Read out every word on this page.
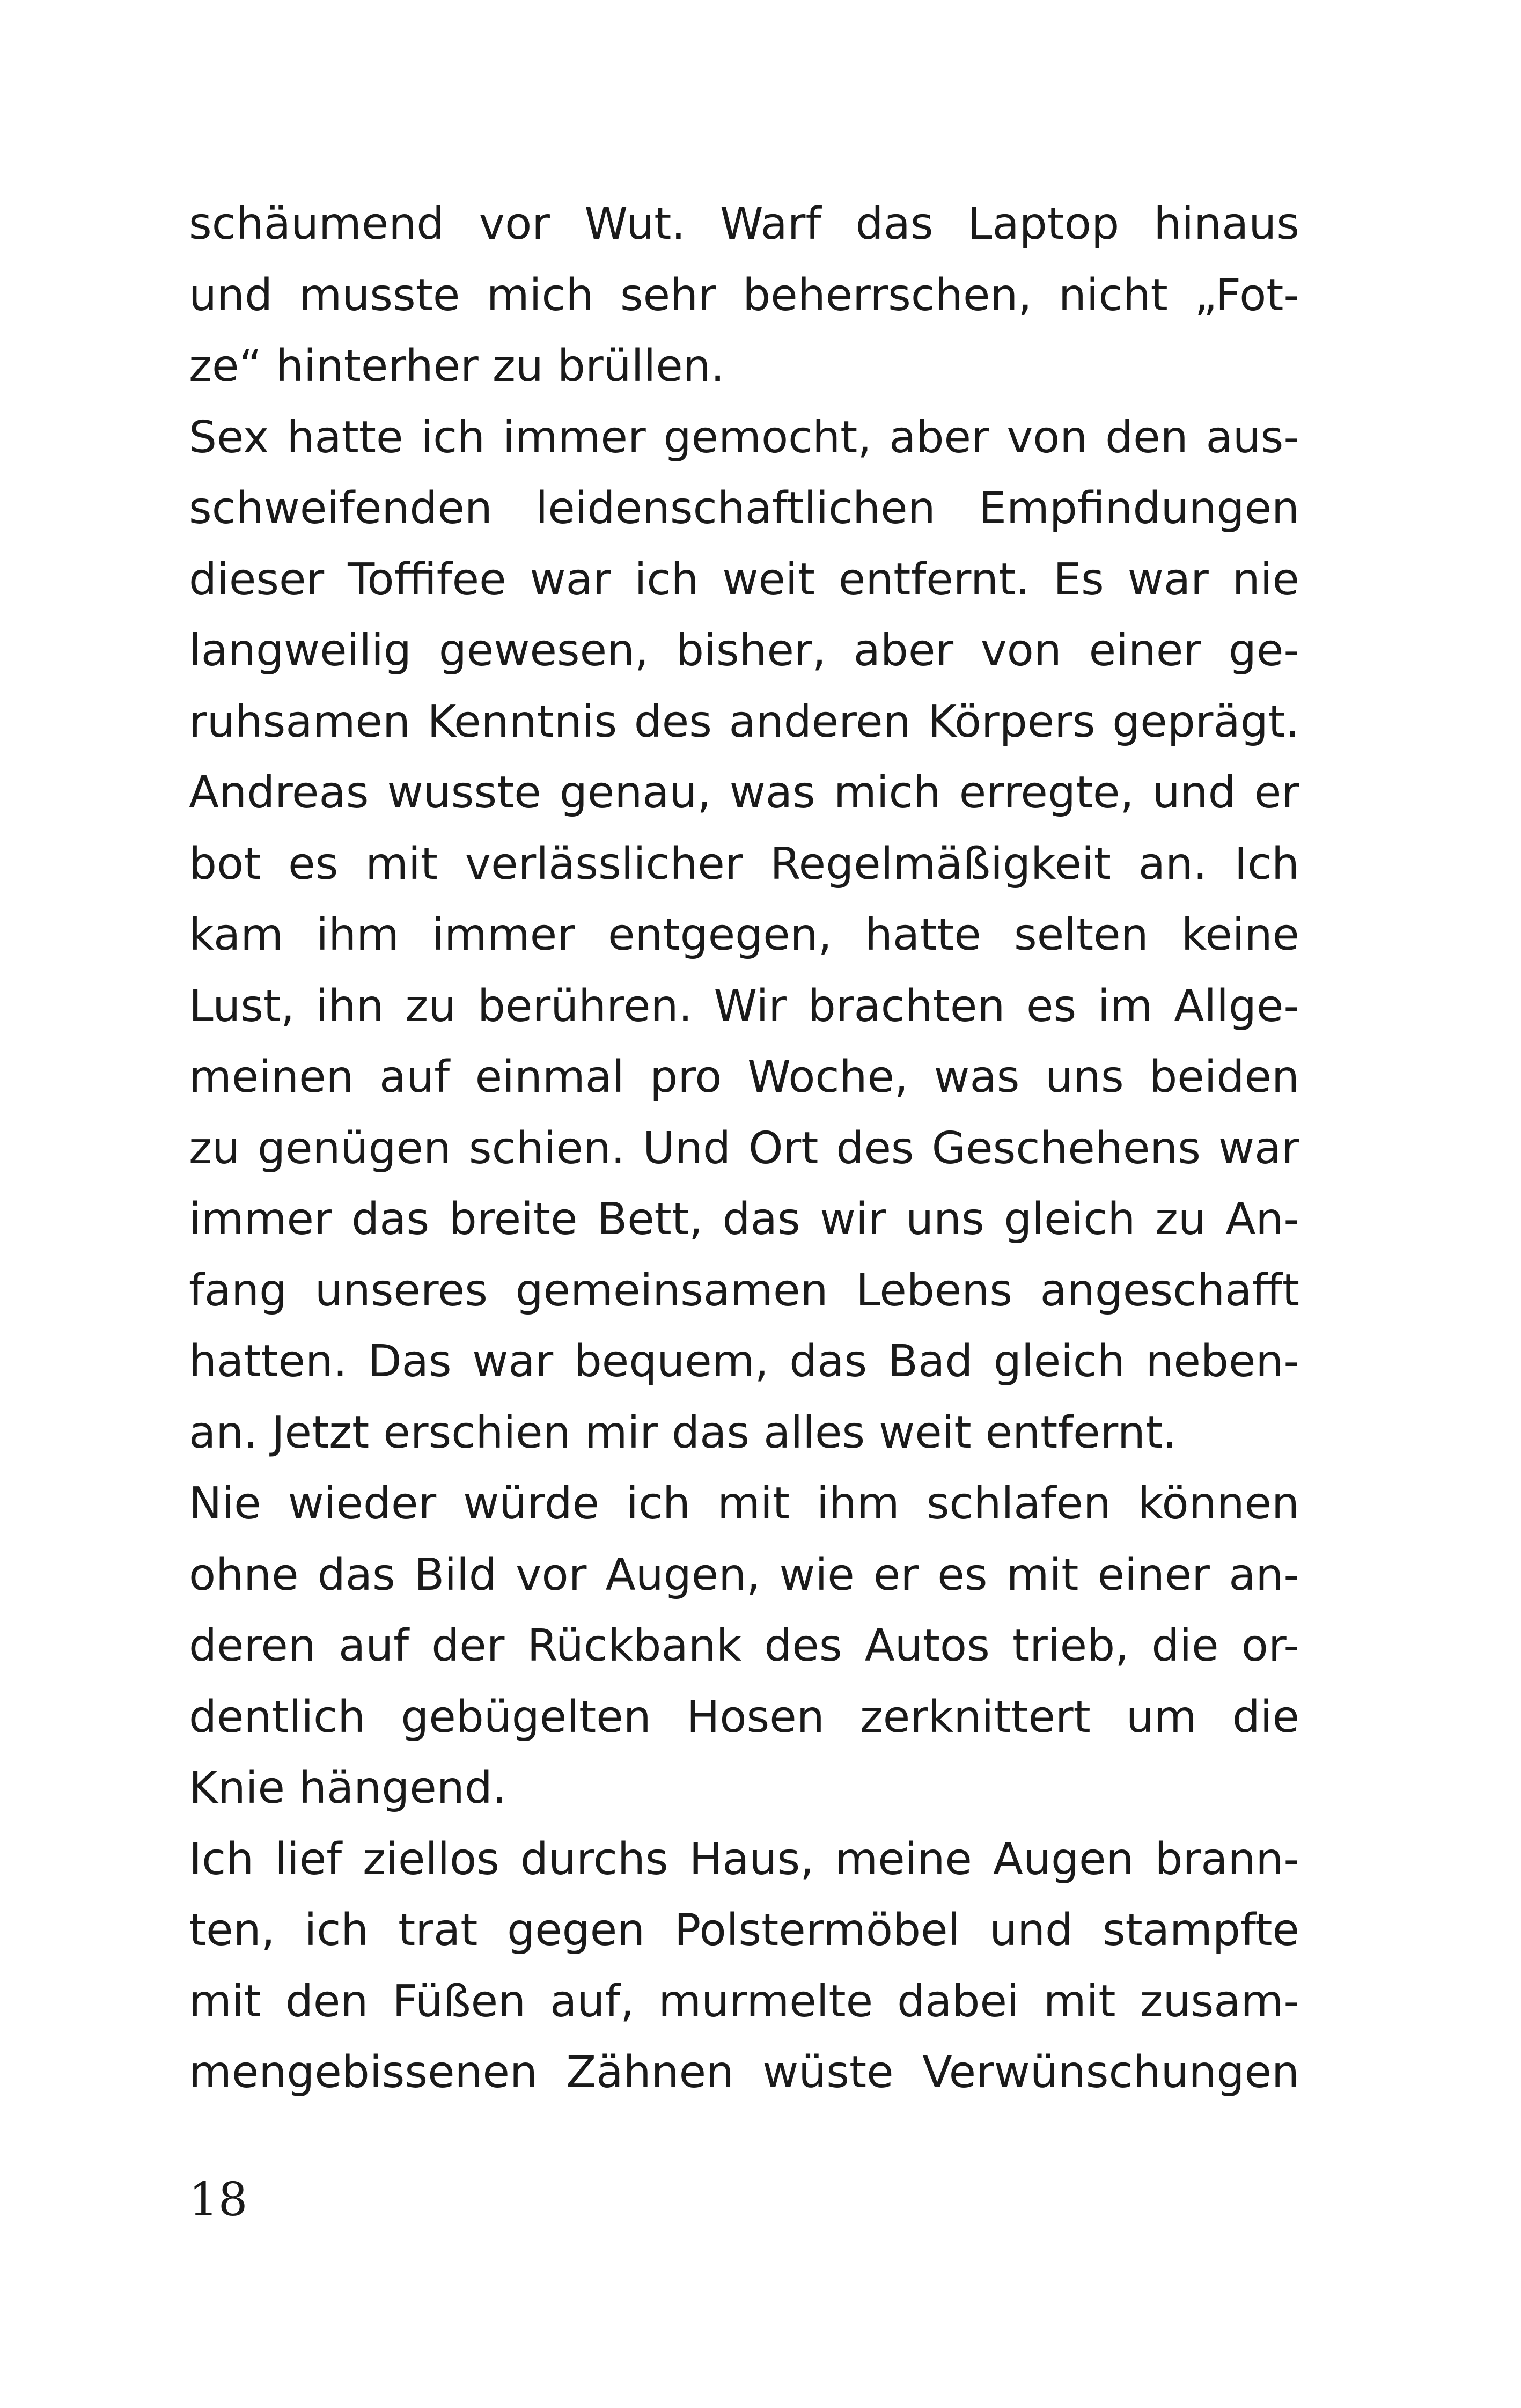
schäumend vor Wut. Warf das Laptop hinaus
und musste mich sehr beherrschen, nicht „Fot-
ze“ hinterher zu brüllen.
Sex hatte ich immer gemocht, aber von den aus-
schweifenden leidenschaftlichen Empfindungen
dieser Toffifee war ich weit entfernt. Es war nie
langweilig gewesen, bisher, aber von einer ge-
ruhsamen Kenntnis des anderen Körpers geprägt.
Andreas wusste genau, was mich erregte, und er
bot es mit verlässlicher Regelmäßigkeit an. Ich
kam ihm immer entgegen, hatte selten keine
Lust, ihn zu berühren. Wir brachten es im Allge-
meinen auf einmal pro Woche, was uns beiden
zu genügen schien. Und Ort des Geschehens war
immer das breite Bett, das wir uns gleich zu An-
fang unseres gemeinsamen Lebens angeschafft
hatten. Das war bequem, das Bad gleich neben-
an. Jetzt erschien mir das alles weit entfernt.
Nie wieder würde ich mit ihm schlafen können
ohne das Bild vor Augen, wie er es mit einer an-
deren auf der Rückbank des Autos trieb, die or-
dentlich gebügelten Hosen zerknittert um die
Knie hängend.
Ich lief ziellos durchs Haus, meine Augen brann-
ten, ich trat gegen Polstermöbel und stampfte
mit den Füßen auf, murmelte dabei mit zusam-
mengebissenen Zähnen wüste Verwünschungen
18
